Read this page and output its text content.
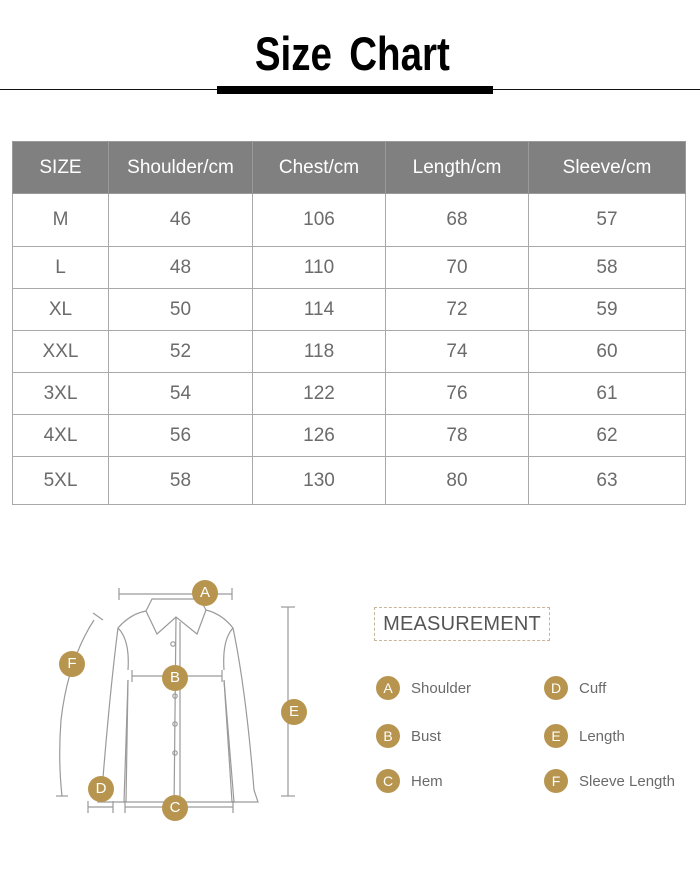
Size Chart
SIZE	Shoulder/cm	Chest/cm	Length/cm	Sleeve/cm
M	46	106	68	57
L	48	110	70	58
XL	50	114	72	59
XXL	52	118	74	60
3XL	54	122	76	61
4XL	56	126	78	62
5XL	58	130	80	63
A
B
C
D
E
F
MEASUREMENT
A	Shoulder
B	Bust
C	Hem
D	Cuff
E	Length
F	Sleeve Length
